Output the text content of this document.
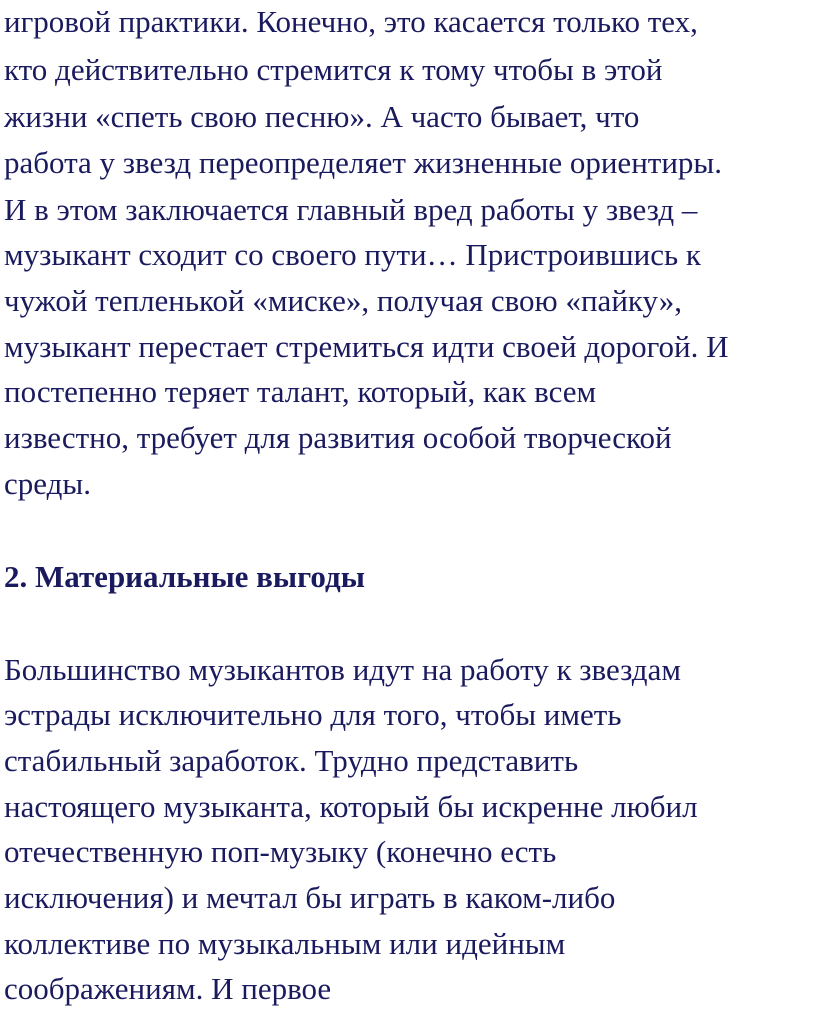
игровой практики. Конечно, это касается только тех,
кто действительно стремится к тому чтобы в этой
жизни «спеть свою песню». А часто бывает, что
работа у звезд переопределяет жизненные ориентиры.
И в этом заключается главный вред работы у звезд –
музыкант сходит со своего пути… Пристроившись к
чужой тепленькой «миске», получая свою «пайку»,
музыкант перестает стремиться идти своей дорогой. И
постепенно теряет талант, который, как всем
известно, требует для развития особой творческой
среды.
2. Материальные выгоды
Большинство музыкантов идут на работу к звездам
эстрады исключительно для того, чтобы иметь
стабильный заработок. Трудно представить
настоящего музыканта, который бы искренне любил
отечественную поп-музыку (конечно есть
исключения) и мечтал бы играть в каком-либо
коллективе по музыкальным или идейным
соображениям. И первое
